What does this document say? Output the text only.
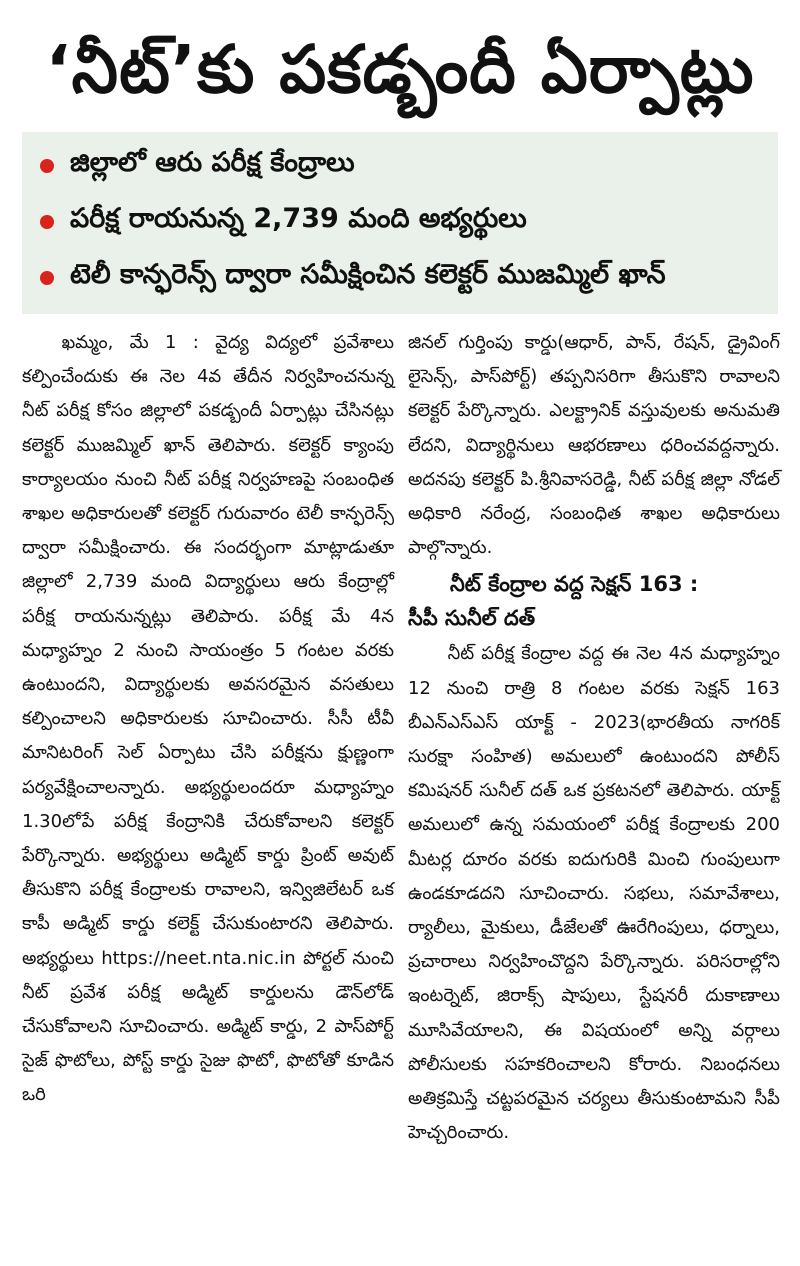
‘నీట్’కు పకడ్బందీ ఏర్పాట్లు
జిల్లాలో ఆరు పరీక్ష కేంద్రాలు
పరీక్ష రాయనున్న 2,739 మంది అభ్యర్థులు
టెలీ కాన్ఫరెన్స్ ద్వారా సమీక్షించిన కలెక్టర్ ముజమ్మిల్ ఖాన్

ఖమ్మం, మే 1 : వైద్య విద్యలో ప్రవేశాలు కల్పించేందుకు ఈ నెల 4వ తేదీన నిర్వహించనున్న నీట్ పరీక్ష కోసం జిల్లాలో పకడ్బందీ ఏర్పాట్లు చేసినట్లు కలెక్టర్ ముజమ్మిల్ ఖాన్ తెలిపారు. కలెక్టర్ క్యాంపు కార్యాలయం నుంచి నీట్ పరీక్ష నిర్వహణపై సంబంధిత శాఖల అధికారులతో కలెక్టర్ గురువారం టెలీ కాన్ఫరెన్స్ ద్వారా సమీక్షించారు. ఈ సందర్భంగా మాట్లాడుతూ జిల్లాలో 2,739 మంది విద్యార్థులు ఆరు కేంద్రాల్లో పరీక్ష రాయనున్నట్లు తెలిపారు. పరీక్ష మే 4న మధ్యాహ్నం 2 నుంచి సాయంత్రం 5 గంటల వరకు ఉంటుందని, విద్యార్థులకు అవసరమైన వసతులు కల్పించాలని అధికారులకు సూచించారు. సీసీ టీవీ మానిటరింగ్ సెల్ ఏర్పాటు చేసి పరీక్షను క్షుణ్ణంగా పర్యవేక్షించాలన్నారు. అభ్యర్థులందరూ మధ్యాహ్నం 1.30లోపే పరీక్ష కేంద్రానికి చేరుకోవాలని కలెక్టర్ పేర్కొన్నారు. అభ్యర్థులు అడ్మిట్ కార్డు ప్రింట్ అవుట్ తీసుకొని పరీక్ష కేంద్రాలకు రావాలని, ఇన్విజిలేటర్ ఒక కాపీ అడ్మిట్ కార్డు కలెక్ట్ చేసుకుంటారని తెలిపారు. అభ్యర్థులు https://neet.nta.nic.in పోర్టల్ నుంచి నీట్ ప్రవేశ పరీక్ష అడ్మిట్ కార్డులను డౌన్‌లోడ్ చేసుకోవాలని సూచించారు. అడ్మిట్ కార్డు, 2 పాస్‌పోర్ట్ సైజ్ ఫొటోలు, పోస్ట్ కార్డు సైజు ఫొటో, ఫొటోతో కూడిన ఒరి

జినల్ గుర్తింపు కార్డు(ఆధార్, పాన్, రేషన్, డ్రైవింగ్ లైసెన్స్, పాస్‌పోర్ట్) తప్పనిసరిగా తీసుకొని రావాలని కలెక్టర్ పేర్కొన్నారు. ఎలక్ట్రానిక్ వస్తువులకు అనుమతి లేదని, విద్యార్థినులు ఆభరణాలు ధరించవద్దన్నారు. అదనపు కలెక్టర్ పి.శ్రీనివాసరెడ్డి, నీట్ పరీక్ష జిల్లా నోడల్ అధికారి నరేంద్ర, సంబంధిత శాఖల అధికారులు పాల్గొన్నారు.

నీట్ కేంద్రాల వద్ద సెక్షన్ 163 :
సీపీ సునీల్ దత్

నీట్ పరీక్ష కేంద్రాల వద్ద ఈ నెల 4న మధ్యాహ్నం 12 నుంచి రాత్రి 8 గంటల వరకు సెక్షన్ 163 బీఎన్ఎస్ఎస్ యాక్ట్ - 2023(భారతీయ నాగరిక్ సురక్షా సంహిత) అమలులో ఉంటుందని పోలీస్ కమిషనర్ సునీల్ దత్ ఒక ప్రకటనలో తెలిపారు. యాక్ట్ అమలులో ఉన్న సమయంలో పరీక్ష కేంద్రాలకు 200 మీటర్ల దూరం వరకు ఐదుగురికి మించి గుంపులుగా ఉండకూడదని సూచించారు. సభలు, సమావేశాలు, ర్యాలీలు, మైకులు, డీజేలతో ఊరేగింపులు, ధర్నాలు, ప్రచారాలు నిర్వహించొద్దని పేర్కొన్నారు. పరిసరాల్లోని ఇంటర్నెట్, జిరాక్స్ షాపులు, స్టేషనరీ దుకాణాలు మూసివేయాలని, ఈ విషయంలో అన్ని వర్గాలు పోలీసులకు సహకరించాలని కోరారు. నిబంధనలు అతిక్రమిస్తే చట్టపరమైన చర్యలు తీసుకుంటామని సీపీ హెచ్చరించారు.
